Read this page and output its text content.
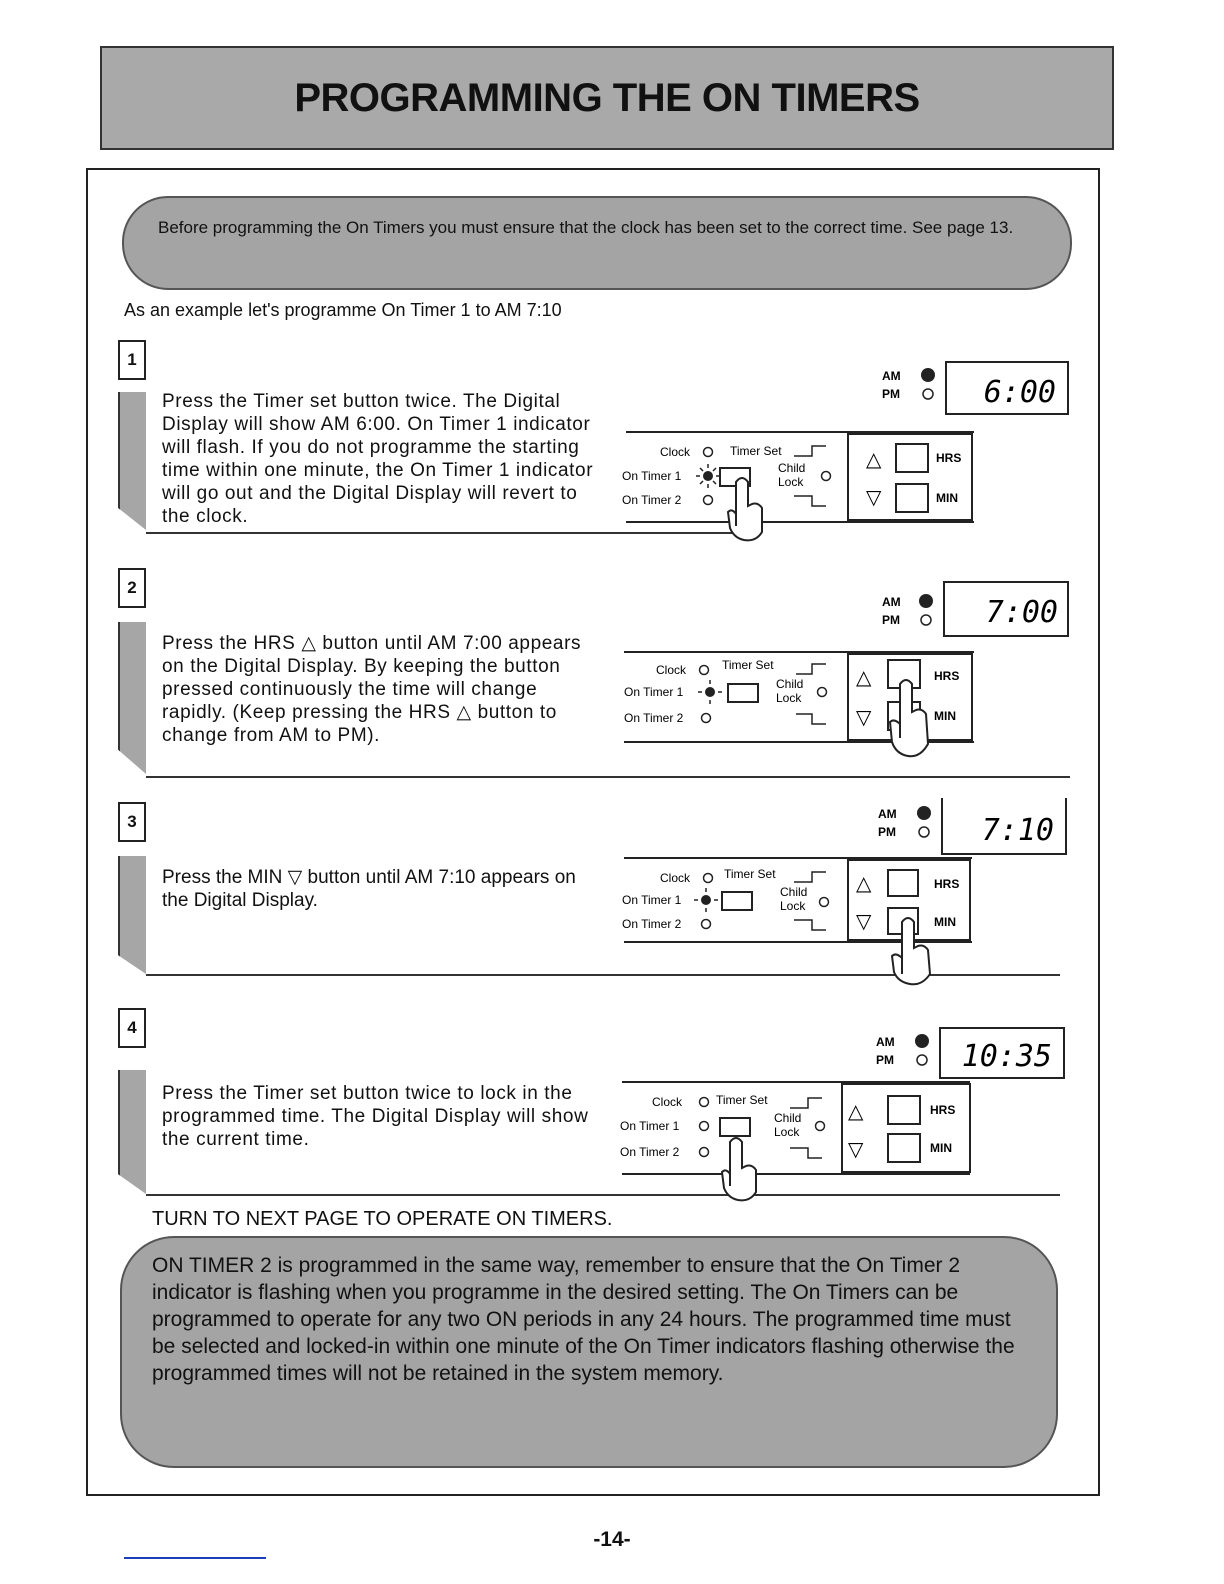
PROGRAMMING THE ON TIMERS

Before programming the On Timers you must ensure that the clock has been set to the correct time. See page 13.

As an example let's programme On Timer 1 to AM 7:10
1
Press the Timer set button twice. The Digital Display will show AM 6:00. On Timer 1 indicator will flash. If you do not programme the starting time within one minute, the On Timer 1 indicator will go out and the Digital Display will revert to the clock.
2
Press the HRS △ button until AM 7:00 appears on the Digital Display. By keeping the button pressed continuously the time will change rapidly. (Keep pressing the HRS △ button to change from AM to PM).
3
Press the MIN ▽ button until AM 7:10 appears on the Digital Display.
4
Press the Timer set button twice to lock in the programmed time. The Digital Display will show the current time.
AM
PM	6:00
Clock	Timer Set
On Timer 1
On Timer 2
Child
Lock
△
▽
HRS
MIN
AM
PM	7:00
Clock	Timer Set
On Timer 1
On Timer 2
Child
Lock
△
▽
HRS
MIN
AM
PM	7:10
Clock	Timer Set
On Timer 1
On Timer 2
Child
Lock
△
▽
HRS
MIN
AM
PM 10:35
Clock	Timer Set
On Timer 1
On Timer 2
Child
Lock
△
▽
HRS
MIN
TURN TO NEXT PAGE TO OPERATE ON TIMERS.

ON TIMER 2 is programmed in the same way, remember to ensure that the On Timer 2 indicator is flashing when you programme in the desired setting. The On Timers can be programmed to operate for any two ON periods in any 24 hours. The programmed time must be selected and locked-in within one minute of the On Timer indicators flashing otherwise the programmed times will not be retained in the system memory.

-14-
